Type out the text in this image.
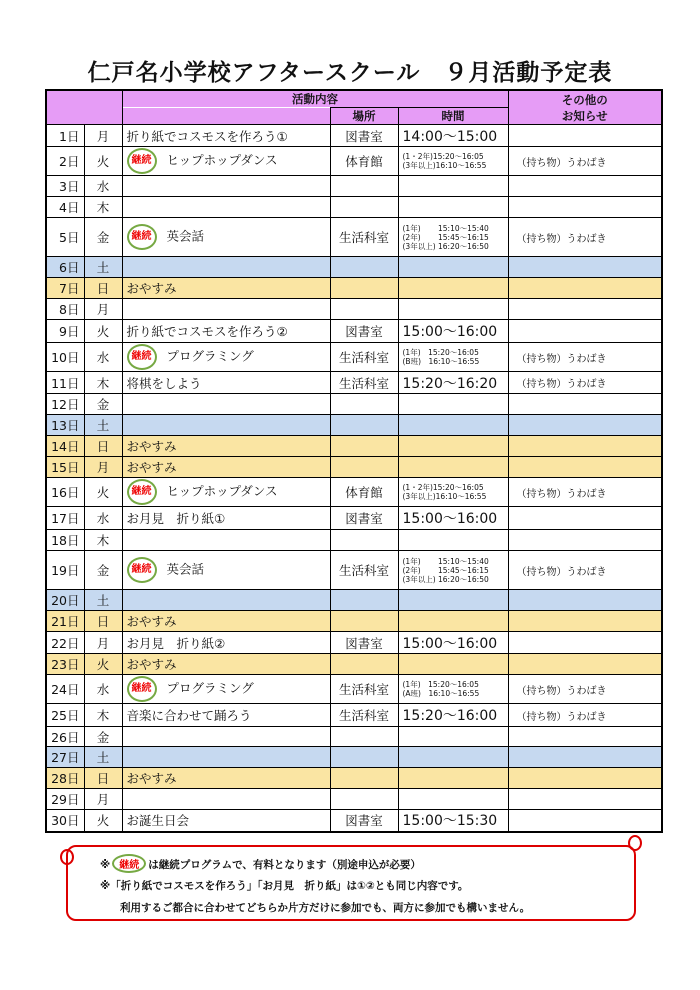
仁戸名小学校アフタースクール　９月活動予定表
		活動内容			その他の
お知らせ

			場所	時間	
1日	月	折り紙でコスモスを作ろう①	図書室	14:00〜15:00	

2日	火	継続 ヒップホップダンス	体育館	(1・2年)15:20〜16:05
(3年以上)16:10〜16:55	（持ち物）うわばき
3日	水				
4日	木				
5日	金	継続 英会話	生活科室	(1年)　　 15:10〜15:40
(2年)　　 15:45〜16:15
(3年以上) 16:20〜16:50	（持ち物）うわばき
6日	土				
7日	日	おやすみ			
8日	月				
9日	火	折り紙でコスモスを作ろう②	図書室	15:00〜16:00	

10日	水	継続 プログラミング	生活科室	(1年)　15:20〜16:05
(B班)　16:10〜16:55	（持ち物）うわばき
11日	木	将棋をしよう	生活科室	15:20〜16:20	（持ち物）うわばき
12日	金				
13日	土				
14日	日	おやすみ			
15日	月	おやすみ			
16日	火	継続 ヒップホップダンス	体育館	(1・2年)15:20〜16:05
(3年以上)16:10〜16:55	（持ち物）うわばき
17日	水	お月見　折り紙①	図書室	15:00〜16:00	

18日	木				
19日	金	継続 英会話	生活科室	(1年)　　 15:10〜15:40
(2年)　　 15:45〜16:15
(3年以上) 16:20〜16:50	（持ち物）うわばき
20日	土				
21日	日	おやすみ			
22日	月	お月見　折り紙②	図書室	15:00〜16:00	

23日	火	おやすみ			
24日	水	継続 プログラミング	生活科室	(1年)　15:20〜16:05
(A班)　16:10〜16:55	（持ち物）うわばき
25日	木	音楽に合わせて踊ろう	生活科室	15:20〜16:00	（持ち物）うわばき
26日	金				
27日	土				
28日	日	おやすみ			
29日	月				
30日	火	お誕生日会	図書室	15:00〜15:30	

※ 継続 は継続プログラムで、有料となります（別途申込が必要）

※「折り紙でコスモスを作ろう」「お月見　折り紙」は①②とも同じ内容です。

利用するご都合に合わせてどちらか片方だけに参加でも、両方に参加でも構いません。
